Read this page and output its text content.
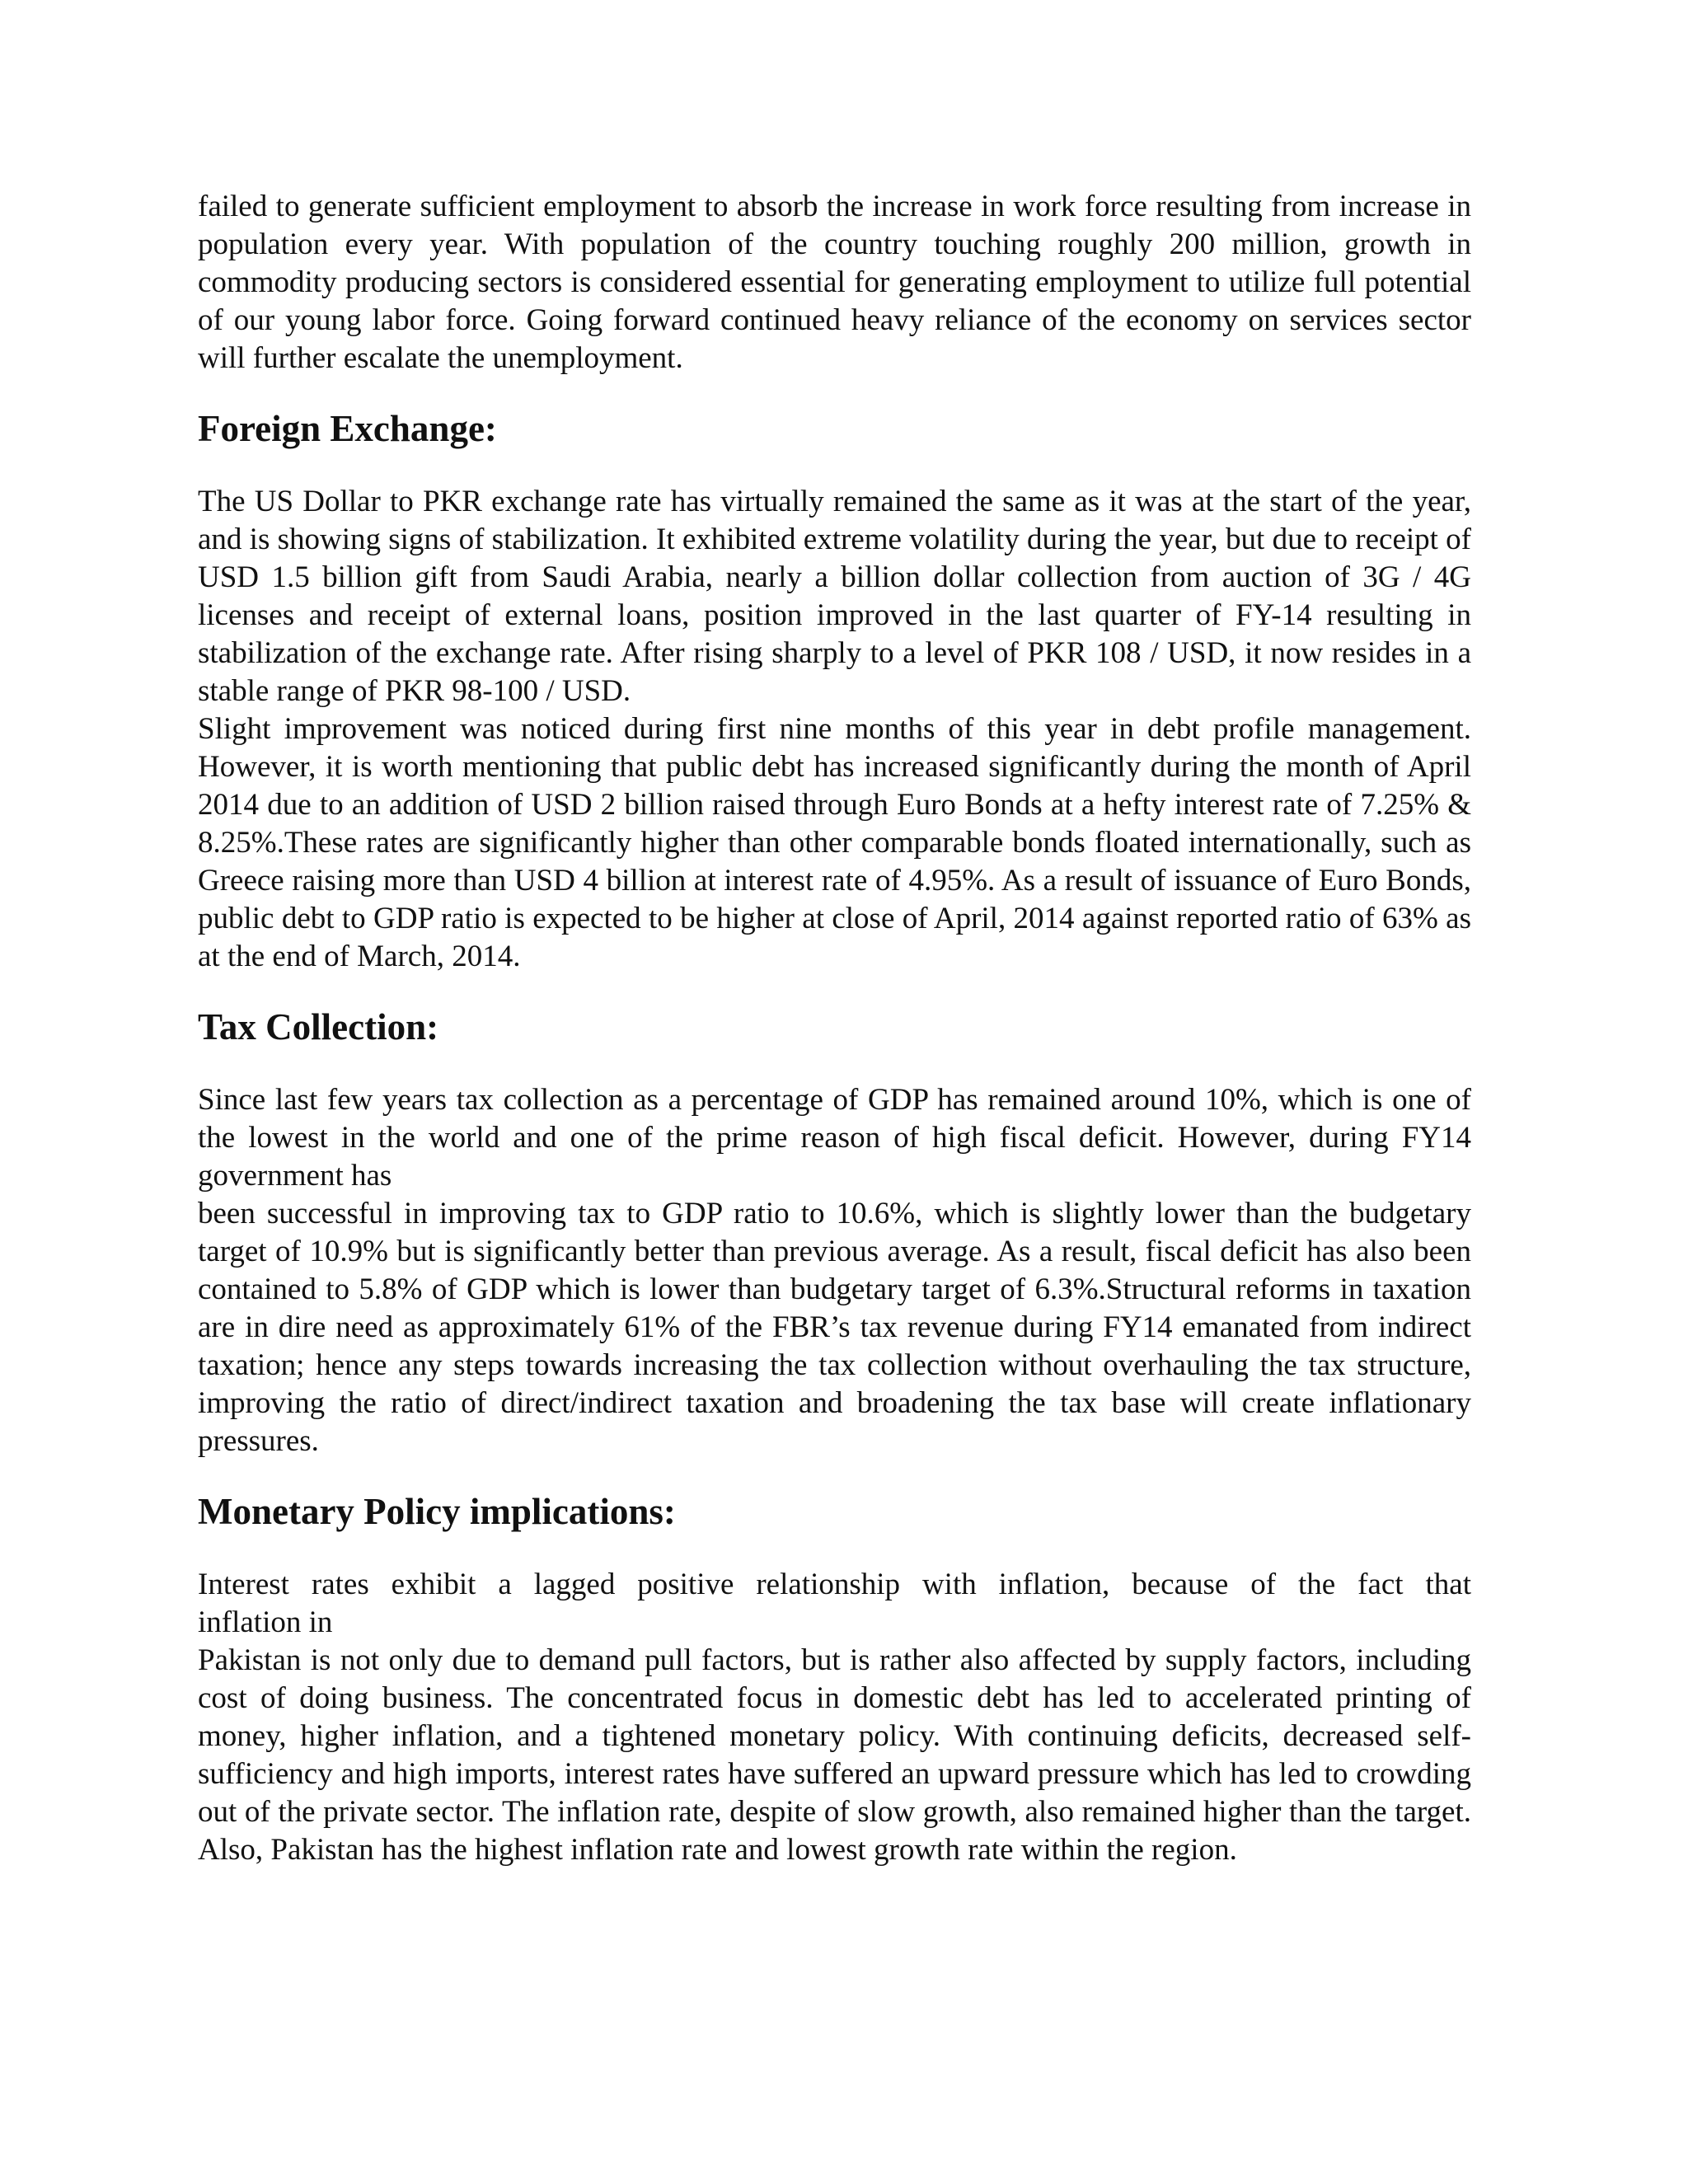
failed to generate sufficient employment to absorb the increase in work force resulting from increase in population every year. With population of the country touching roughly 200 million, growth in commodity producing sectors is considered essential for generating employment to utilize full potential of our young labor force. Going forward continued heavy reliance of the economy on services sector will further escalate the unemployment.

Foreign Exchange:

The US Dollar to PKR exchange rate has virtually remained the same as it was at the start of the year, and is showing signs of stabilization. It exhibited extreme volatility during the year, but due to receipt of USD 1.5 billion gift from Saudi Arabia, nearly a billion dollar collection from auction of 3G / 4G licenses and receipt of external loans, position improved in the last quarter of FY-14 resulting in stabilization of the exchange rate. After rising sharply to a level of PKR 108 / USD, it now resides in a stable range of PKR 98-100 / USD.

Slight improvement was noticed during first nine months of this year in debt profile management. However, it is worth mentioning that public debt has increased significantly during the month of April 2014 due to an addition of USD 2 billion raised through Euro Bonds at a hefty interest rate of 7.25% & 8.25%.These rates are significantly higher than other comparable bonds floated internationally, such as Greece raising more than USD 4 billion at interest rate of 4.95%. As a result of issuance of Euro Bonds, public debt to GDP ratio is expected to be higher at close of April, 2014 against reported ratio of 63% as at the end of March, 2014.

Tax Collection:

Since last few years tax collection as a percentage of GDP has remained around 10%, which is one of the lowest in the world and one of the prime reason of high fiscal deficit. However, during FY14 government has

been successful in improving tax to GDP ratio to 10.6%, which is slightly lower than the budgetary target of 10.9% but is significantly better than previous average. As a result, fiscal deficit has also been contained to 5.8% of GDP which is lower than budgetary target of 6.3%.Structural reforms in taxation are in dire need as approximately 61% of the FBR’s tax revenue during FY14 emanated from indirect taxation; hence any steps towards increasing the tax collection without overhauling the tax structure, improving the ratio of direct/indirect taxation and broadening the tax base will create inflationary pressures.

Monetary Policy implications:

Interest rates exhibit a lagged positive relationship with inflation, because of the fact that

inflation in

Pakistan is not only due to demand pull factors, but is rather also affected by supply factors, including cost of doing business. The concentrated focus in domestic debt has led to accelerated printing of money, higher inflation, and a tightened monetary policy. With continuing deficits, decreased self-sufficiency and high imports, interest rates have suffered an upward pressure which has led to crowding out of the private sector. The inflation rate, despite of slow growth, also remained higher than the target. Also, Pakistan has the highest inflation rate and lowest growth rate within the region.
